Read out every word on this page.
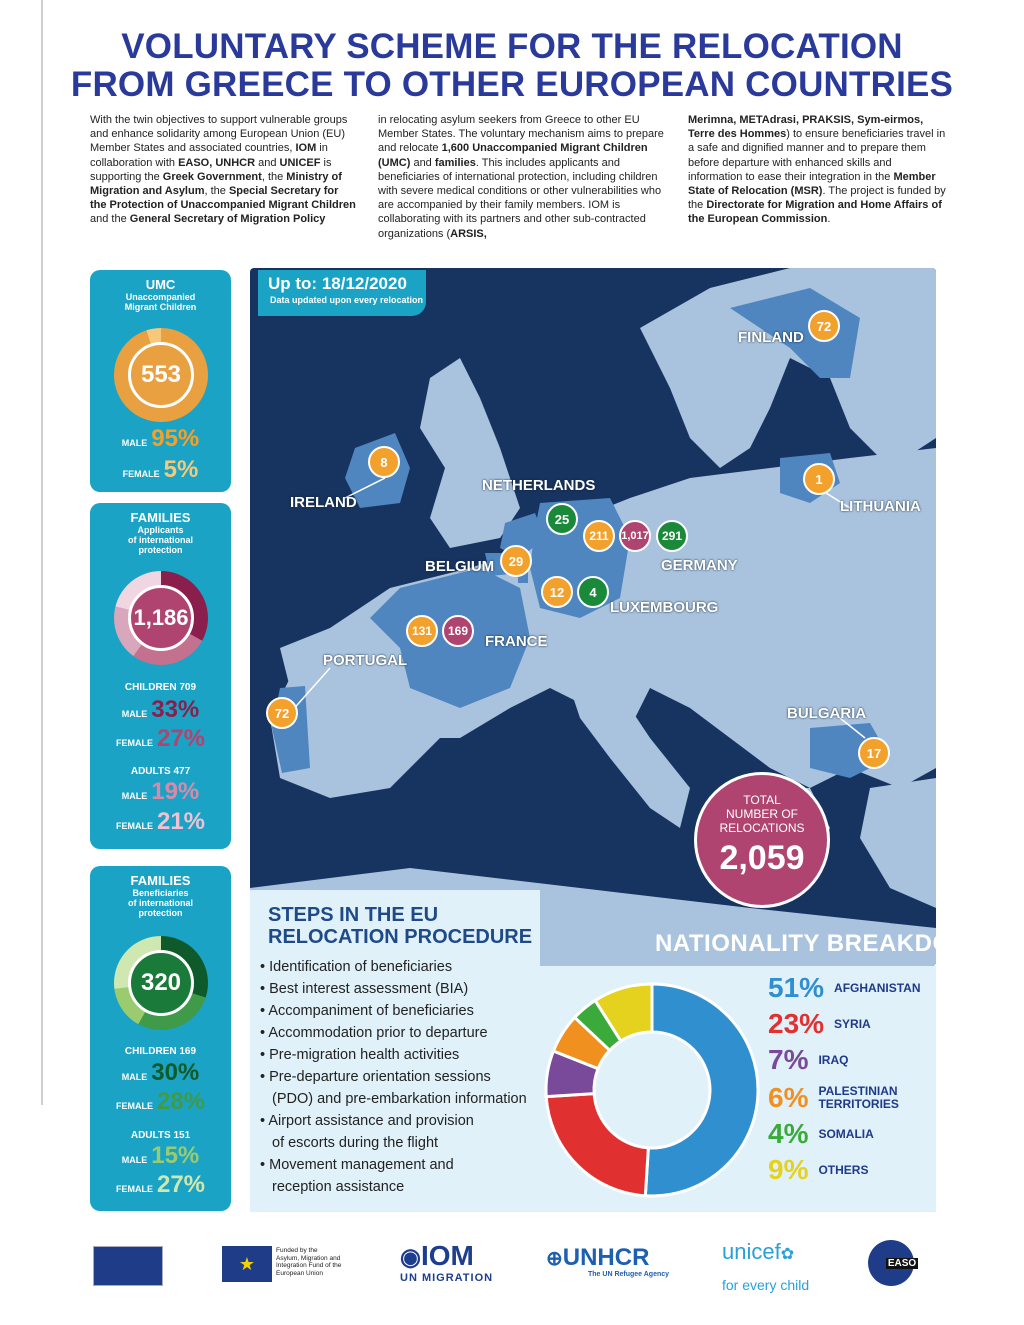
VOLUNTARY SCHEME FOR THE RELOCATION
FROM GREECE TO OTHER EUROPEAN COUNTRIES
With the twin objectives to support vulnerable groups and enhance solidarity among European Union (EU) Member States and associated countries, IOM in collaboration with EASO, UNHCR and UNICEF is supporting the Greek Government, the Ministry of Migration and Asylum, the Special Secretary for the Protection of Unaccompanied Migrant Children and the General Secretary of Migration Policy
in relocating asylum seekers from Greece to other EU Member States. The voluntary mechanism aims to prepare and relocate 1,600 Unaccompanied Migrant Children (UMC) and families. This includes applicants and beneficiaries of international protection, including children with severe medical conditions or other vulnerabilities who are accompanied by their family members. IOM is collaborating with its partners and other sub-contracted organizations (ARSIS,
Merimna, METAdrasi, PRAKSIS, Sym-eirmos, Terre des Hommes) to ensure beneficiaries travel in a safe and dignified manner and to prepare them before departure with enhanced skills and information to ease their integration in the Member State of Relocation (MSR). The project is funded by the Directorate for Migration and Home Affairs of the European Commission.
UMC
Unaccompanied
Migrant Children
553
MALE 95%
FEMALE 5%
FAMILIES
Applicants
of international
protection
1,186
CHILDREN 709
MALE 33%
FEMALE 27%
ADULTS 477
MALE 19%
FEMALE 21%
FAMILIES
Beneficiaries
of international
protection
320
CHILDREN 169
MALE 30%
FEMALE 28%
ADULTS 151
MALE 15%
FEMALE 27%
Up to: 18/12/2020
Data updated upon every relocation
FINLAND
LITHUANIA
IRELAND
NETHERLANDS
GERMANY
BELGIUM
LUXEMBOURG
FRANCE
PORTUGAL
BULGARIA
72
1
8
25
211	1,017	291
29
12	4
131	169
72
17
TOTAL
NUMBER OF
RELOCATIONS
2,059
STEPS IN THE EU
RELOCATION PROCEDURE
• Identification of beneficiaries
• Best interest assessment (BIA)
• Accompaniment of beneficiaries
• Accommodation prior to departure
• Pre-migration health activities
• Pre-departure orientation sessions
(PDO) and pre-embarkation information
• Airport assistance and provision
of escorts during the flight
• Movement management and
reception assistance
NATIONALITY BREAKDOWN
51% AFGHANISTAN
23% SYRIA
7% IRAQ
6% PALESTINIAN
TERRITORIES
4% SOMALIA
9% OTHERS
★
Funded by the
Asylum, Migration and
Integration Fund of the
European Union
◉IOM
UN MIGRATION
⊕UNHCR
The UN Refugee Agency
unicef✿
for every child
EASO
